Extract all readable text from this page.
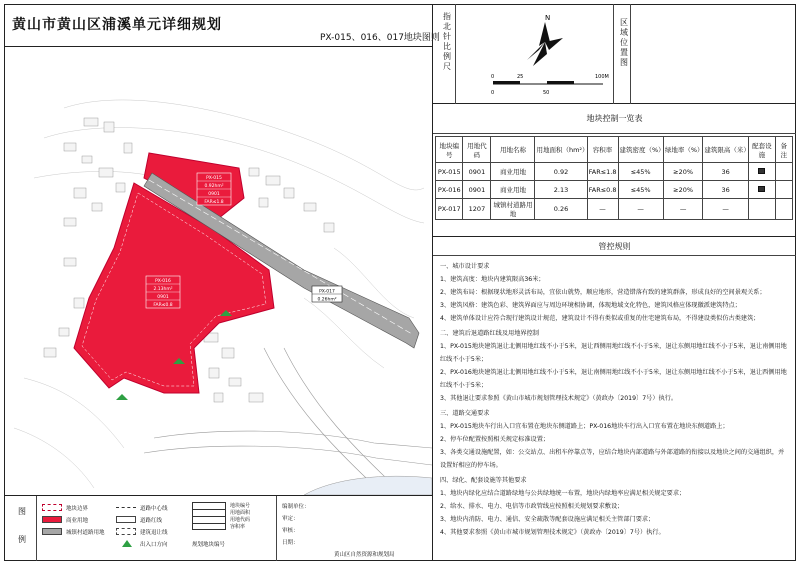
黄山市黄山区浦溪单元详细规划
PX-015、016、017地块图则
PX-015
0.92hm²
0901
FAR≤1.8
PX-016
2.13hm²
0901
FAR≤0.8
PX-017
0.26hm²
指北针比例尺
N
0	25	100M
0	50
区域位置图
地块控制一览表
地块编号	用地代码	用地名称	用地面积（hm²）	容积率	建筑密度（%）	绿地率（%）	建筑限高（米）	配套设施	备 注
PX-015	0901	商业用地	0.92	FAR≤1.8	≤45%	≥20%	36		
PX-016	0901	商业用地	2.13	FAR≤0.8	≤45%	≥20%	36		
PX-017	1207	城镇村道路用地	0.26	—	—	—	—		
管控规则
一、城市设计要求
1、建筑高度：地块内建筑限高36米；
2、建筑布局：根据现状地形灵活布局，宜依山就势，顺应地形，营造错落有致的建筑群落，形成良好的空间景观关系；
3、建筑风格：建筑色彩、建筑界面应与周边环境相协调，体现地域文化特色，建筑风格应体现徽派建筑特点；
4、建筑单体设计应符合现行建筑设计规范，建筑设计不得有类似或重复的住宅建筑布局，不得建设类似仿古类建筑；
二、建筑后退道路红线及用地界控制
1、PX-015地块建筑退让北侧用地红线不小于5米，退让西侧用地红线不小于5米，退让东侧用地红线不小于5米，退让南侧用地红线不小于5米；
2、PX-016地块建筑退让北侧用地红线不小于5米，退让南侧用地红线不小于5米，退让东侧用地红线不小于5米，退让西侧用地红线不小于5米；
3、其他退让要求参照《黄山市城市规划管理技术规定》（黄政办〔2019〕7号）执行。
三、道路交通要求
1、PX-015地块车行出入口宜布置在地块东侧道路上；PX-016地块车行出入口宜布置在地块东侧道路上；
2、停车位配置按照相关规定标准设置；
3、各类交通设施配置，如：公交站点、出租车停靠点等，应结合地块内部道路与外部道路的衔接以及地块之间的交通组织，并设置好相应的停车场。
四、绿化、配套设施等其他要求
1、地块内绿化应结合道路绿地与公共绿地统一布置，地块内绿地率应满足相关规定要求；
2、给水、排水、电力、电信等市政管线应按照相关规划要求敷设；
3、地块内消防、电力、通信、安全疏散等配套设施应满足相关主管部门要求；
4、其他要求参照《黄山市城市规划管理技术规定》（黄政办〔2019〕7号）执行。
图
例
地块边界
商业用地
城镇村道路用地
道路中心线
道路红线
建筑退让线
出入口方向
地块编号
用地面积
用地代码
容积率
规划地块编号
编制单位：
审定：
审核：
日期：
黄山区自然资源和规划局
